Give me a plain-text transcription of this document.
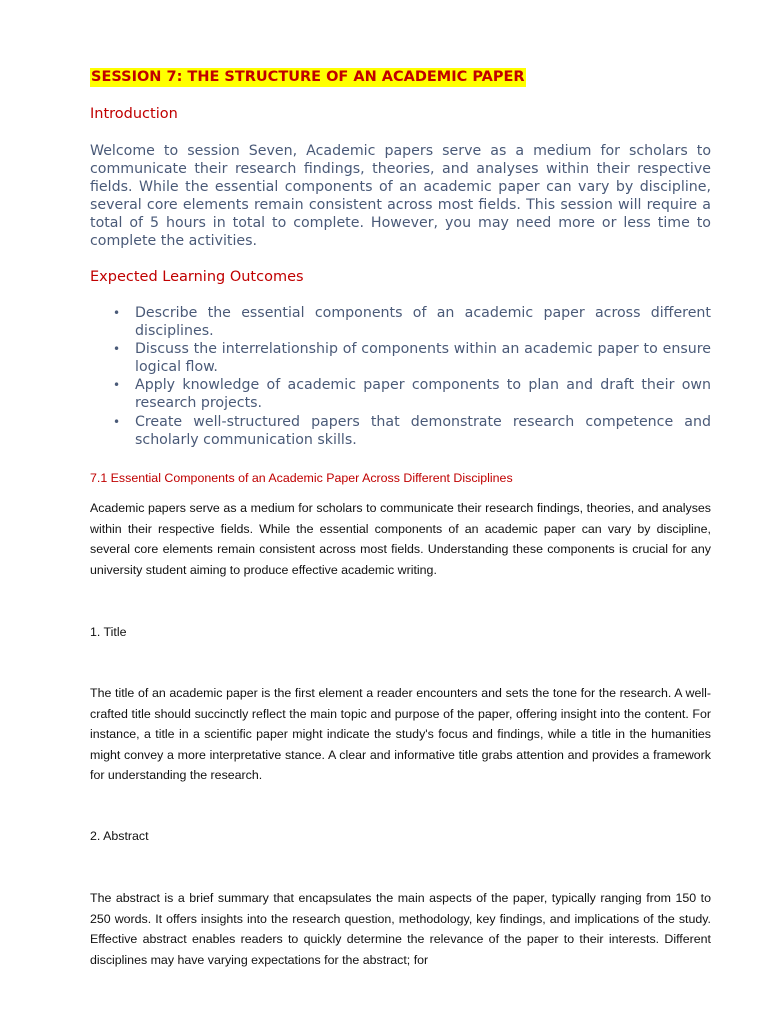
SESSION 7: THE STRUCTURE OF AN ACADEMIC PAPER
Introduction

Welcome to session Seven, Academic papers serve as a medium for scholars to communicate their research findings, theories, and analyses within their respective fields. While the essential components of an academic paper can vary by discipline, several core elements remain consistent across most fields. This session will require a total of 5 hours in total to complete. However, you may need more or less time to complete the activities.

Expected Learning Outcomes
• Describe the essential components of an academic paper across different disciplines.
• Discuss the interrelationship of components within an academic paper to ensure logical flow.
• Apply knowledge of academic paper components to plan and draft their own research projects.
• Create well-structured papers that demonstrate research competence and scholarly communication skills.
7.1 Essential Components of an Academic Paper Across Different Disciplines

Academic papers serve as a medium for scholars to communicate their research findings, theories, and analyses within their respective fields. While the essential components of an academic paper can vary by discipline, several core elements remain consistent across most fields. Understanding these components is crucial for any university student aiming to produce effective academic writing.

1. Title

The title of an academic paper is the first element a reader encounters and sets the tone for the research. A well-crafted title should succinctly reflect the main topic and purpose of the paper, offering insight into the content. For instance, a title in a scientific paper might indicate the study's focus and findings, while a title in the humanities might convey a more interpretative stance. A clear and informative title grabs attention and provides a framework for understanding the research.

2. Abstract

The abstract is a brief summary that encapsulates the main aspects of the paper, typically ranging from 150 to 250 words. It offers insights into the research question, methodology, key findings, and implications of the study. Effective abstract enables readers to quickly determine the relevance of the paper to their interests. Different disciplines may have varying expectations for the abstract; for
